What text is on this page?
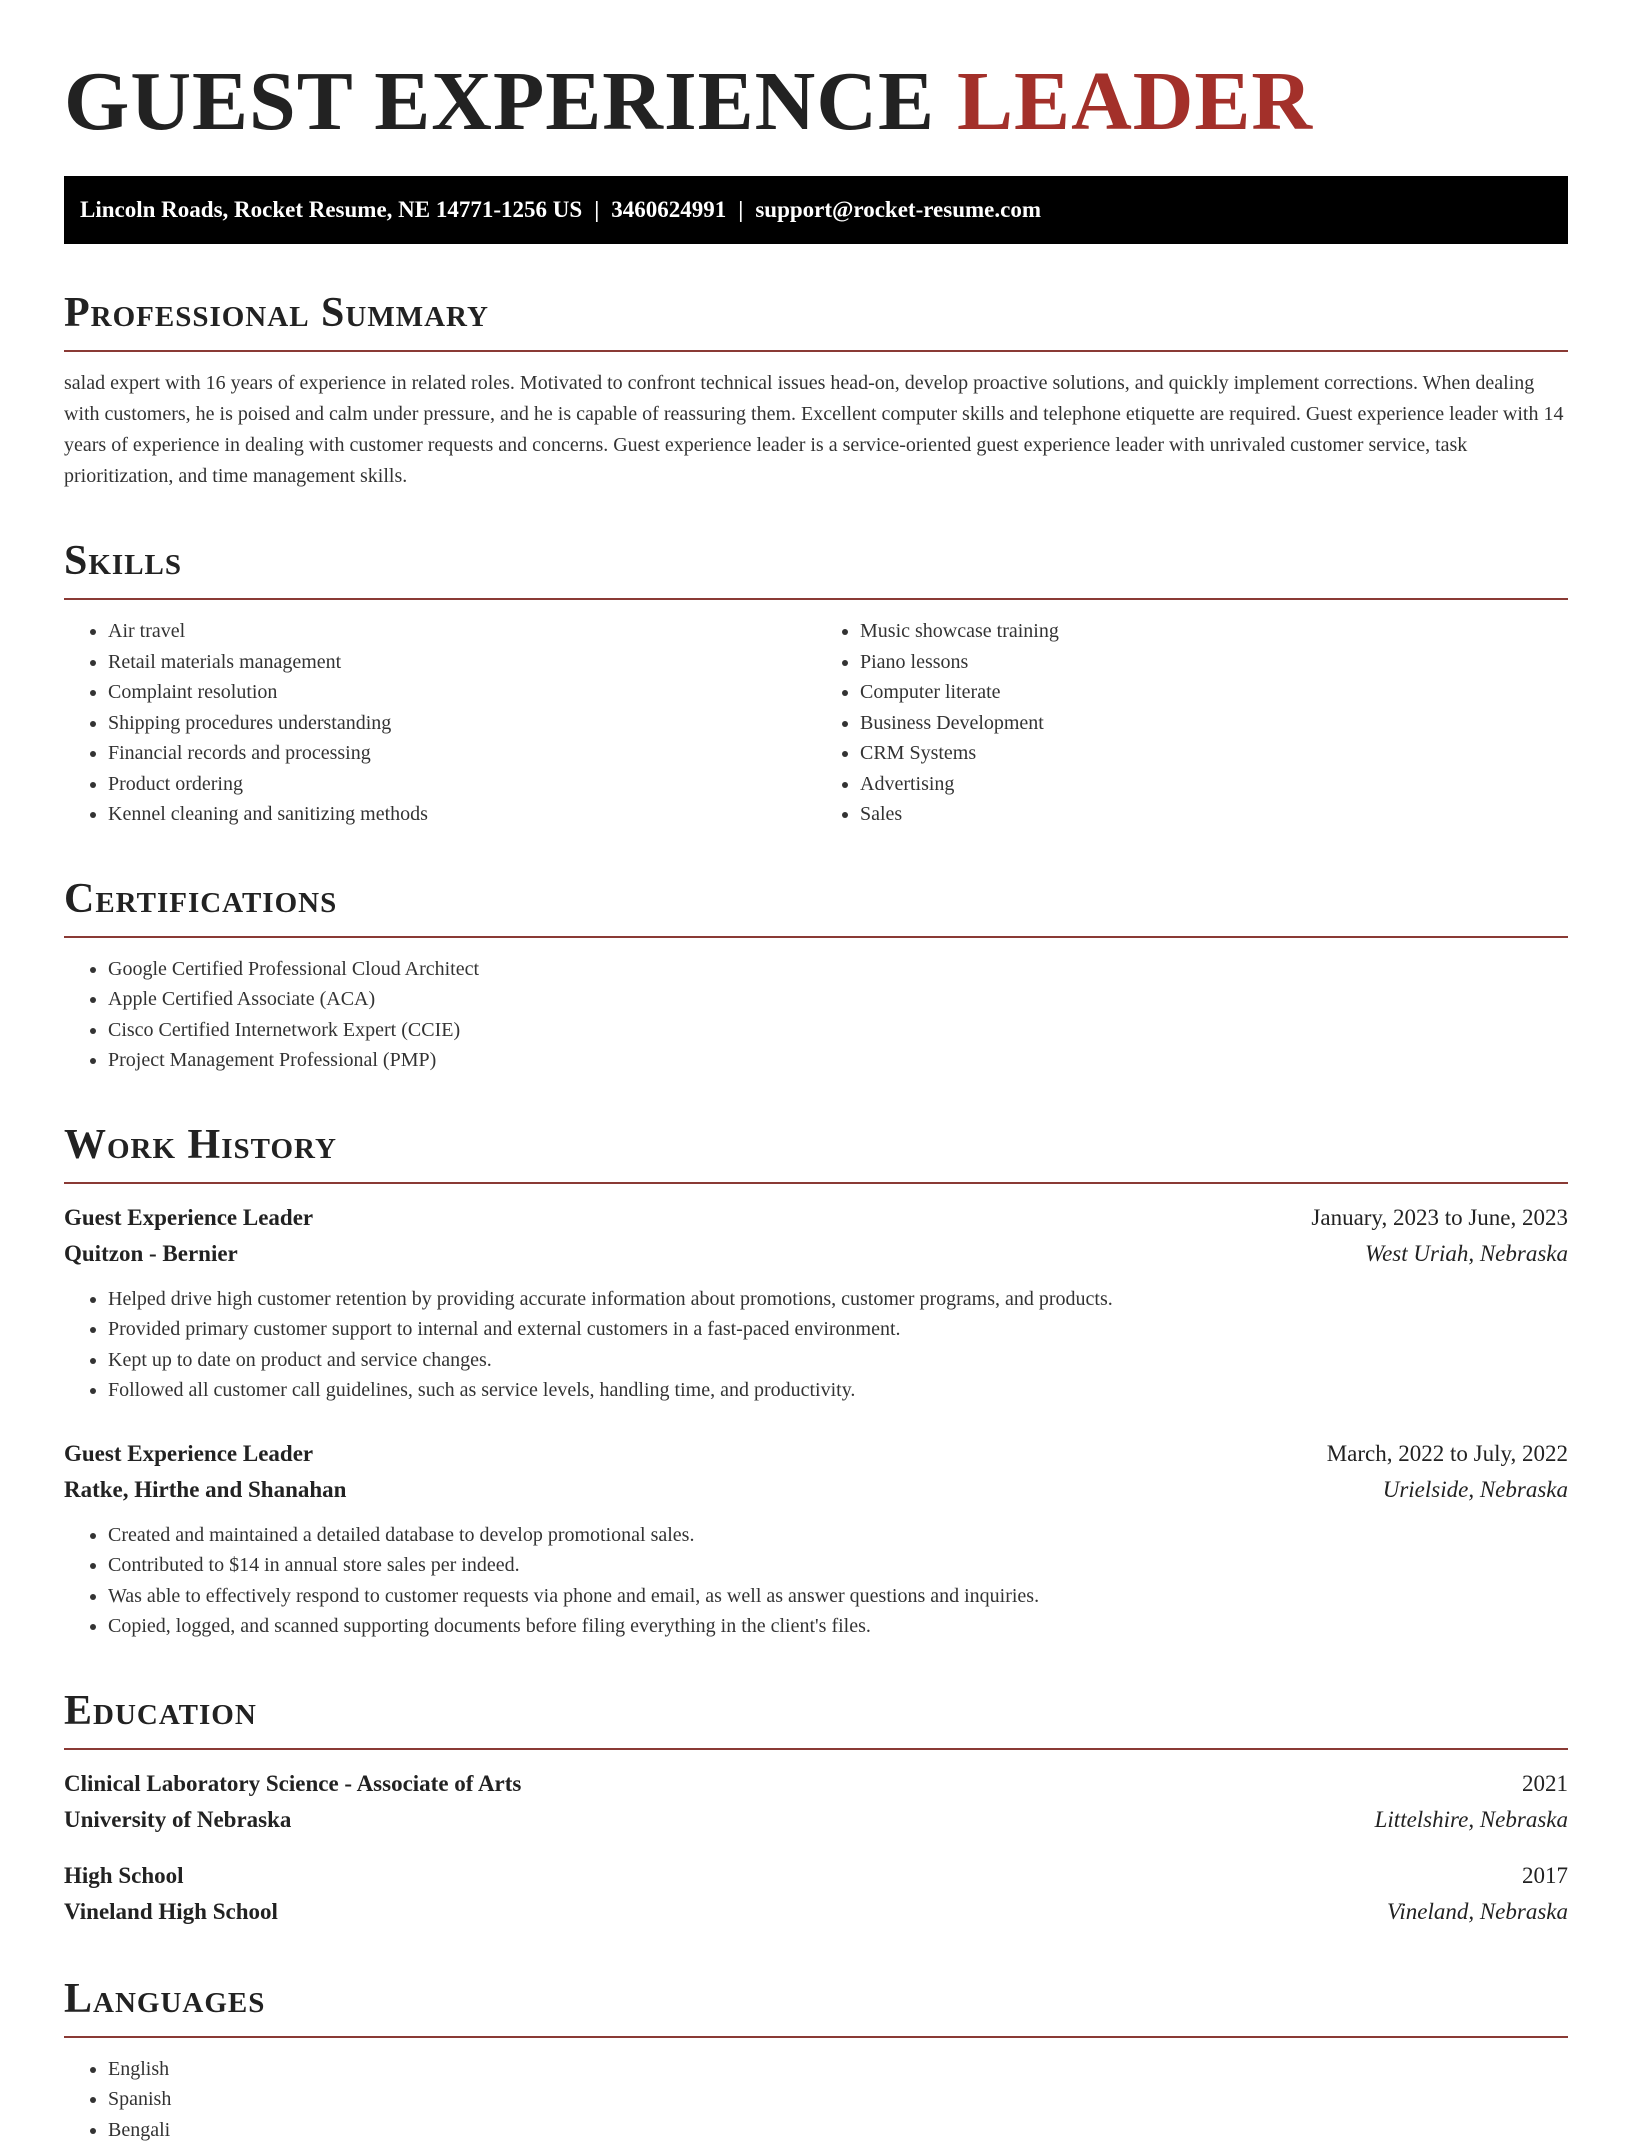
GUEST EXPERIENCE LEADER
Lincoln Roads, Rocket Resume, NE 14771-1256 US | 3460624991 | support@rocket-resume.com
Professional Summary

salad expert with 16 years of experience in related roles. Motivated to confront technical issues head-on, develop proactive solutions, and quickly implement corrections. When dealing with customers, he is poised and calm under pressure, and he is capable of reassuring them. Excellent computer skills and telephone etiquette are required. Guest experience leader with 14 years of experience in dealing with customer requests and concerns. Guest experience leader is a service-oriented guest experience leader with unrivaled customer service, task prioritization, and time management skills.

Skills
• Air travel
• Retail materials management
• Complaint resolution
• Shipping procedures understanding
• Financial records and processing
• Product ordering
• Kennel cleaning and sanitizing methods
• Music showcase training
• Piano lessons
• Computer literate
• Business Development
• CRM Systems
• Advertising
• Sales
Certifications
• Google Certified Professional Cloud Architect
• Apple Certified Associate (ACA)
• Cisco Certified Internetwork Expert (CCIE)
• Project Management Professional (PMP)
Work History
Guest Experience Leader	January, 2023 to June, 2023
Quitzon - Bernier	West Uriah, Nebraska
• Helped drive high customer retention by providing accurate information about promotions, customer programs, and products.
• Provided primary customer support to internal and external customers in a fast-paced environment.
• Kept up to date on product and service changes.
• Followed all customer call guidelines, such as service levels, handling time, and productivity.
Guest Experience Leader	March, 2022 to July, 2022
Ratke, Hirthe and Shanahan	Urielside, Nebraska
• Created and maintained a detailed database to develop promotional sales.
• Contributed to $14 in annual store sales per indeed.
• Was able to effectively respond to customer requests via phone and email, as well as answer questions and inquiries.
• Copied, logged, and scanned supporting documents before filing everything in the client's files.
Education
Clinical Laboratory Science - Associate of Arts	2021
University of Nebraska	Littelshire, Nebraska
High School	2017
Vineland High School	Vineland, Nebraska
Languages
• English
• Spanish
• Bengali
